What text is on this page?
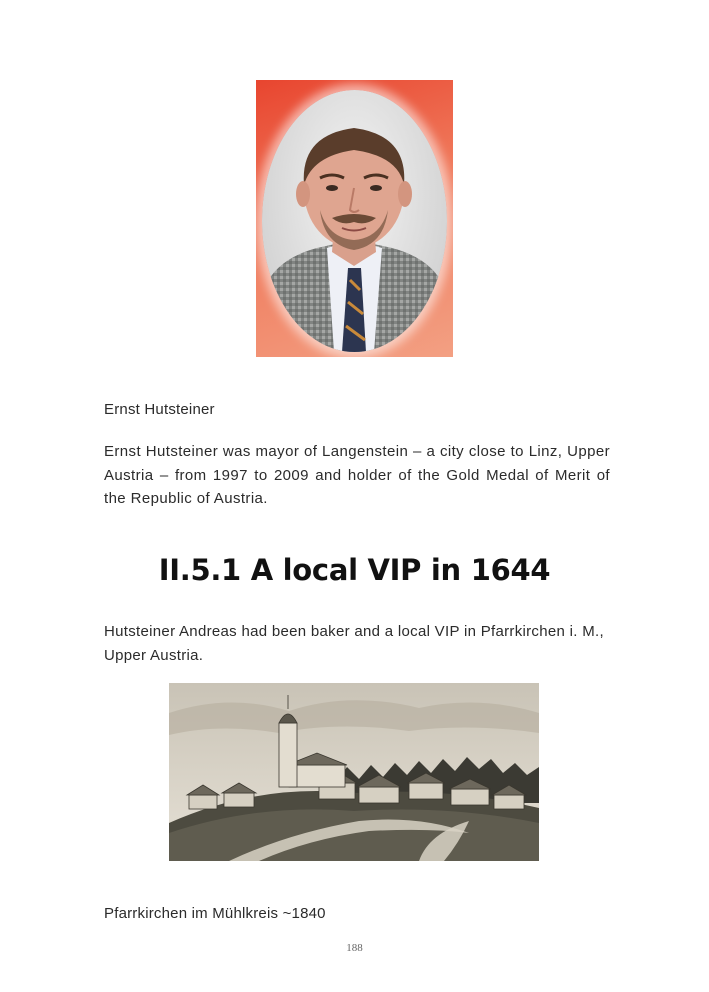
Ernst Hutsteiner
Ernst Hutsteiner was mayor of Langenstein – a city close to Linz, Upper Austria – from 1997 to 2009 and holder of the Gold Medal of Merit of the Republic of Austria.
II.5.1 A local VIP in 1644
Hutsteiner Andreas had been baker and a local VIP in Pfarrkirchen i. M., Upper Austria.
Pfarrkirchen im Mühlkreis ~1840
188
